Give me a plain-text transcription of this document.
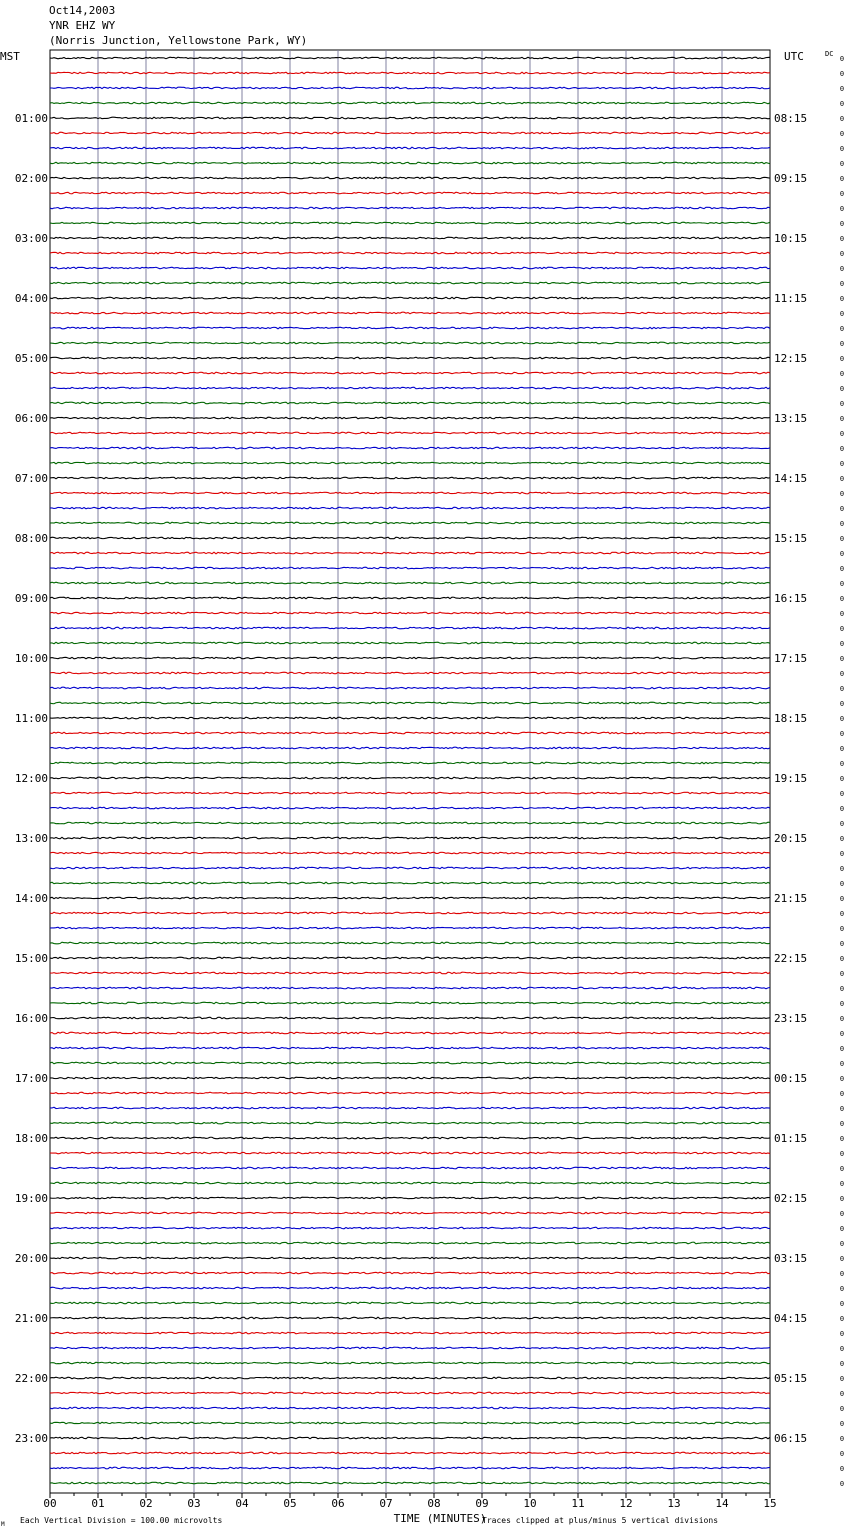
Oct14,2003
YNR EHZ WY
(Norris Junction, Yellowstone Park, WY)
00	01	02	03	04	05	06	07	08	09	10	11	12	13	14	15
0
0
0
0
0
01:00	08:15
0
0
0
0
02:00	09:15
0
0
0
0
03:00	10:15
0
0
0
0
04:00	11:15
0
0
0
0
05:00	12:15
0
0
0
0
06:00	13:15
0
0
0
0
07:00	14:15
0
0
0
0
08:00	15:15
0
0
0
0
09:00	16:15
0
0
0
0
10:00	17:15
0
0
0
0
11:00	18:15
0
0
0
0
12:00	19:15
0
0
0
0
13:00	20:15
0
0
0
0
14:00	21:15
0
0
0
0
15:00	22:15
0
0
0
0
16:00	23:15
0
0
0
0
17:00	00:15
0
0
0
0
18:00	01:15
0
0
0
0
19:00	02:15
0
0
0
0
20:00	03:15
0
0
0
0
21:00	04:15
0
0
0
0
22:00	05:15
0
0
0
0
23:00	06:15
0
0
0
MST	UTC	DC
TIME (MINUTES)
Each Vertical Division = 100.00 microvolts	Traces clipped at plus/minus 5 vertical divisions
M
